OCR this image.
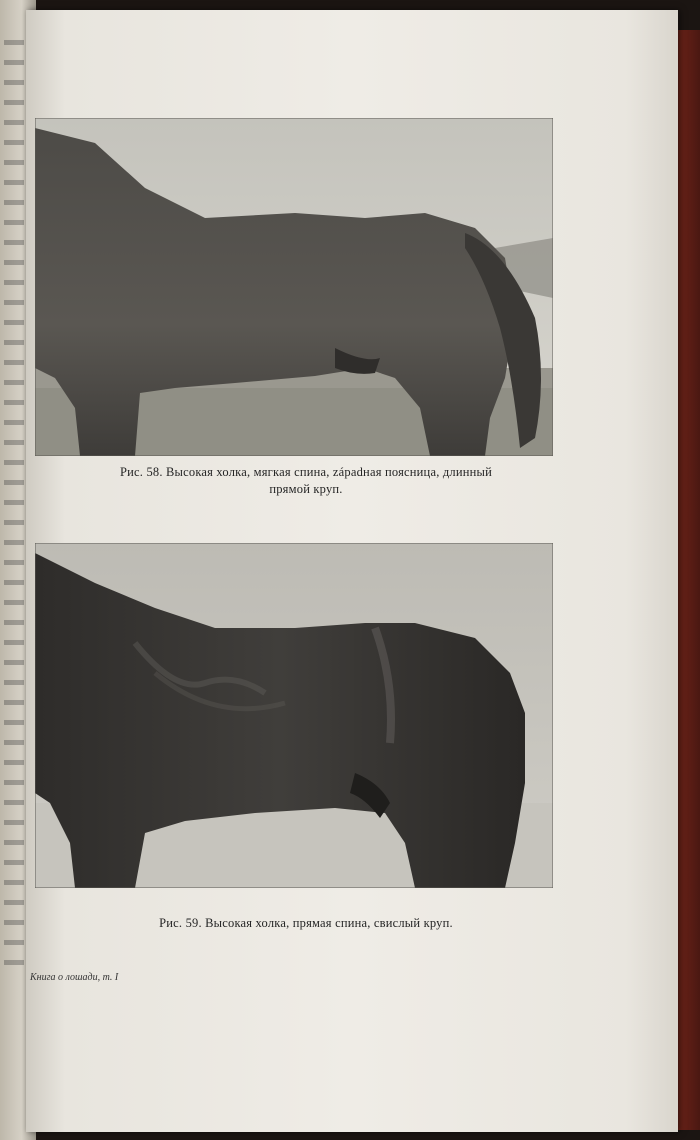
Рис. 58. Высокая холка, мягкая спина, západная поясница, длинный
прямой круп.
Рис. 59. Высокая холка, прямая спина, свислый круп.
Книга о лошади, т. I
